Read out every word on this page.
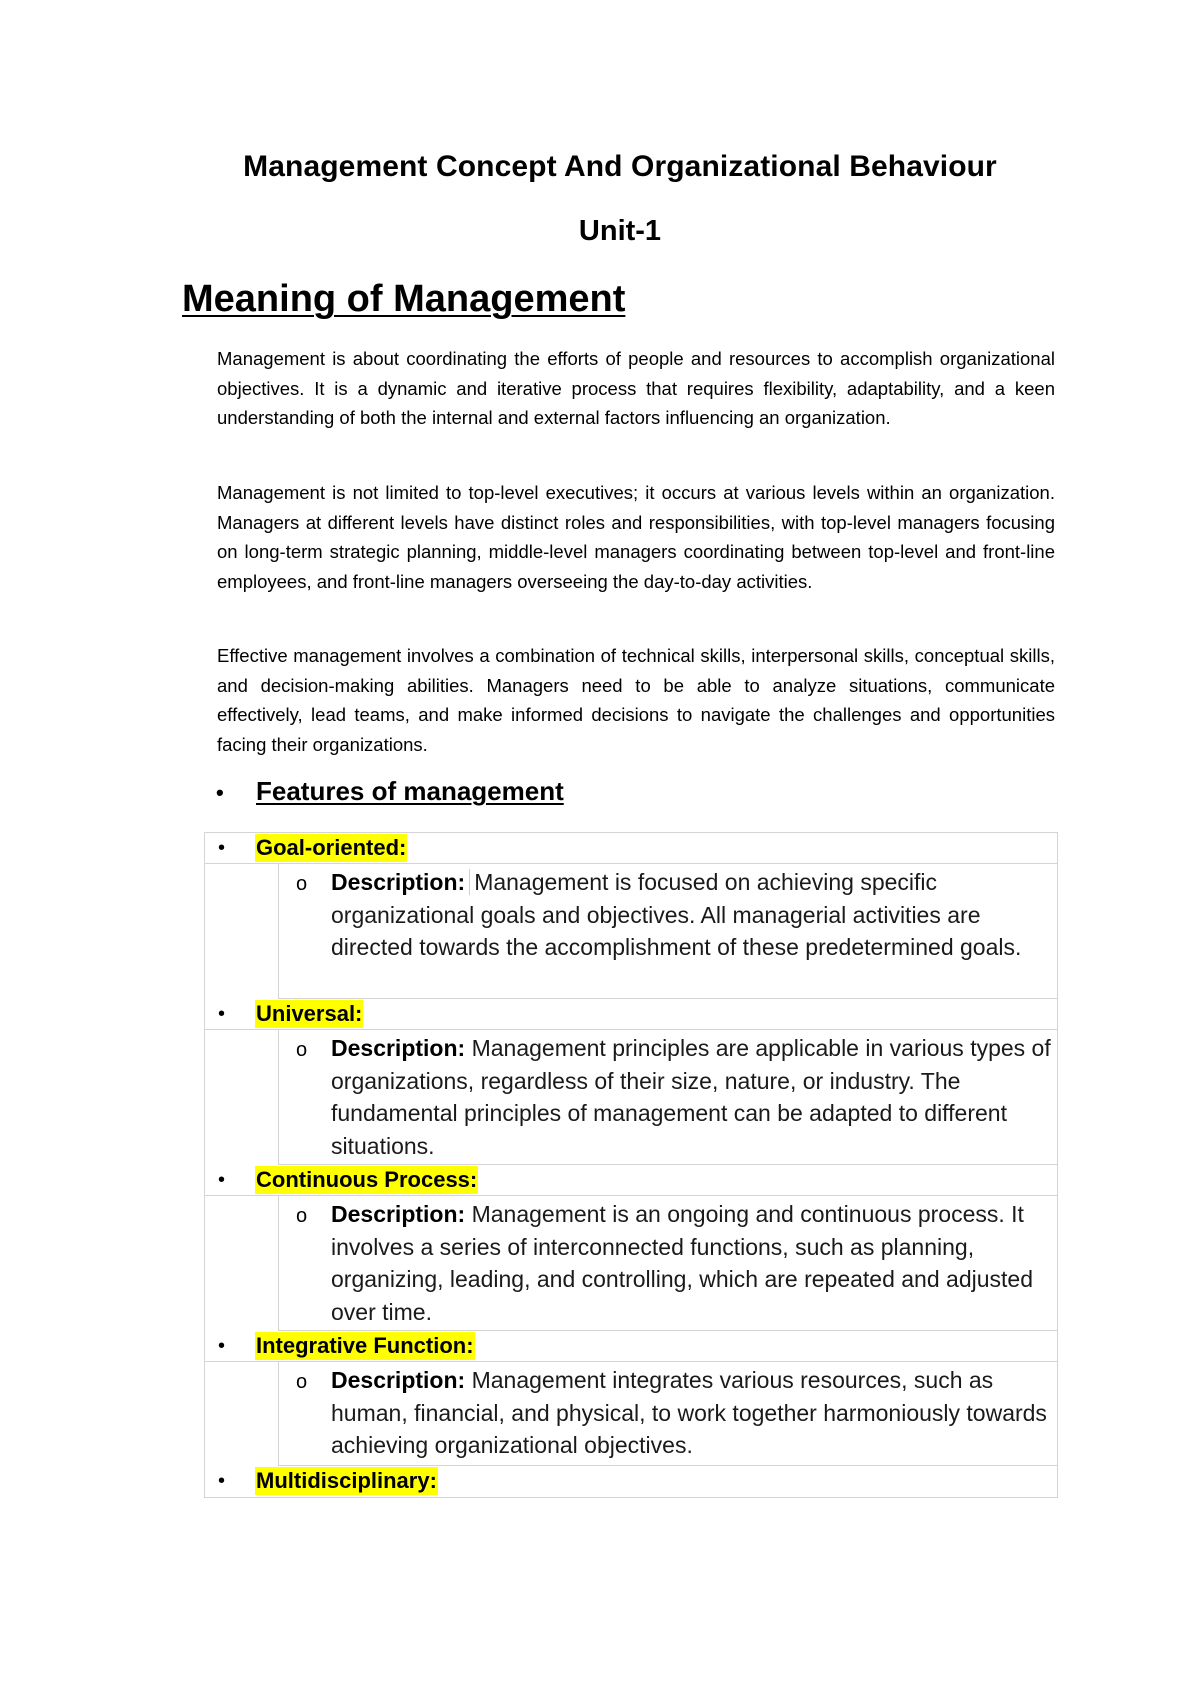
Management Concept And Organizational Behaviour
Unit-1
Meaning of Management

Management is about coordinating the efforts of people and resources to accomplish organizational objectives. It is a dynamic and iterative process that requires flexibility, adaptability, and a keen understanding of both the internal and external factors influencing an organization.

Management is not limited to top-level executives; it occurs at various levels within an organization. Managers at different levels have distinct roles and responsibilities, with top-level managers focusing on long-term strategic planning, middle-level managers coordinating between top-level and front-line employees, and front-line managers overseeing the day-to-day activities.

Effective management involves a combination of technical skills, interpersonal skills, conceptual skills, and decision-making abilities. Managers need to be able to analyze situations, communicate effectively, lead teams, and make informed decisions to navigate the challenges and opportunities facing their organizations.

• Features of management
• Goal-oriented:
o Description: Management is focused on achieving specific organizational goals and objectives. All managerial activities are directed towards the accomplishment of these predetermined goals.
• Universal:
o Description: Management principles are applicable in various types of organizations, regardless of their size, nature, or industry. The fundamental principles of management can be adapted to different situations.
• Continuous Process:
o Description: Management is an ongoing and continuous process. It involves a series of interconnected functions, such as planning, organizing, leading, and controlling, which are repeated and adjusted over time.
• Integrative Function:
o Description: Management integrates various resources, such as human, financial, and physical, to work together harmoniously towards achieving organizational objectives.
• Multidisciplinary:
